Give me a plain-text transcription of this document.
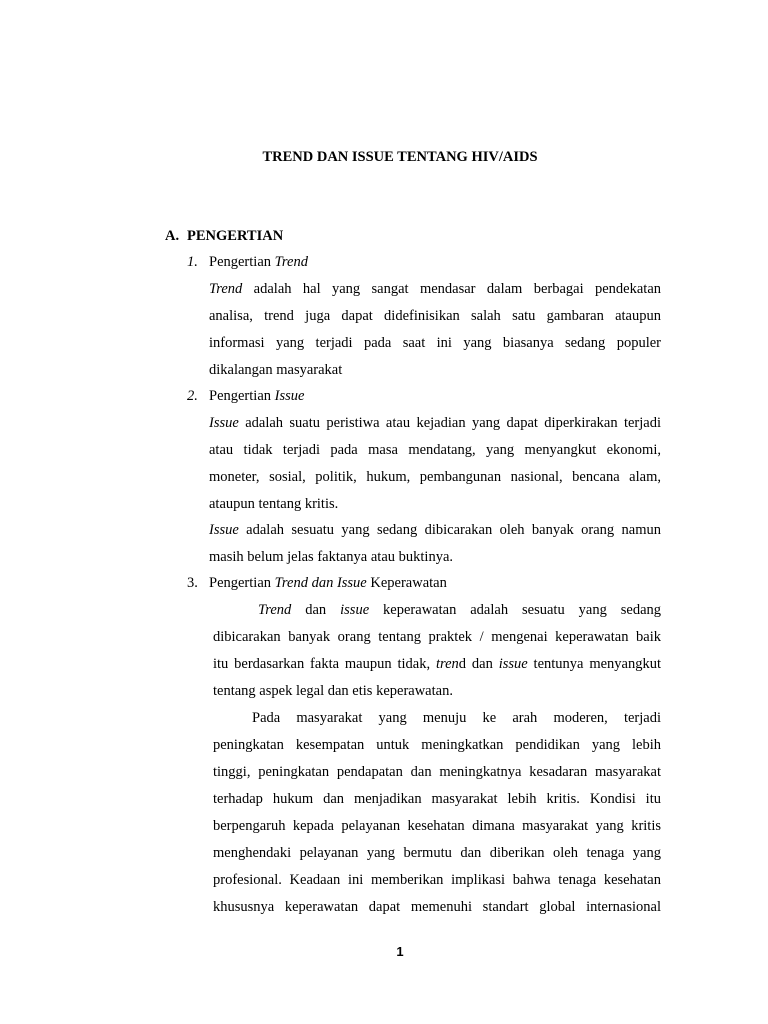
TREND DAN ISSUE TENTANG HIV/AIDS
A. PENGERTIAN
1. Pengertian Trend
Trend adalah hal yang sangat mendasar dalam berbagai pendekatan
analisa, trend juga dapat didefinisikan salah satu gambaran ataupun
informasi yang terjadi pada saat ini yang biasanya sedang populer
dikalangan masyarakat
2. Pengertian Issue
Issue adalah suatu peristiwa atau kejadian yang dapat diperkirakan terjadi
atau tidak terjadi pada masa mendatang, yang menyangkut ekonomi,
moneter, sosial, politik, hukum, pembangunan nasional, bencana alam,
ataupun tentang kritis.
Issue adalah sesuatu yang sedang dibicarakan oleh banyak orang namun
masih belum jelas faktanya atau buktinya.
3. Pengertian Trend dan Issue Keperawatan
Trend dan issue keperawatan adalah sesuatu yang sedang
dibicarakan banyak orang tentang praktek / mengenai keperawatan baik
itu berdasarkan fakta maupun tidak, trend dan issue tentunya menyangkut
tentang aspek legal dan etis keperawatan.
Pada masyarakat yang menuju ke arah moderen, terjadi
peningkatan kesempatan untuk meningkatkan pendidikan yang lebih
tinggi, peningkatan pendapatan dan meningkatnya kesadaran masyarakat
terhadap hukum dan menjadikan masyarakat lebih kritis. Kondisi itu
berpengaruh kepada pelayanan kesehatan dimana masyarakat yang kritis
menghendaki pelayanan yang bermutu dan diberikan oleh tenaga yang
profesional. Keadaan ini memberikan implikasi bahwa tenaga kesehatan
khususnya keperawatan dapat memenuhi standart global internasional
1
